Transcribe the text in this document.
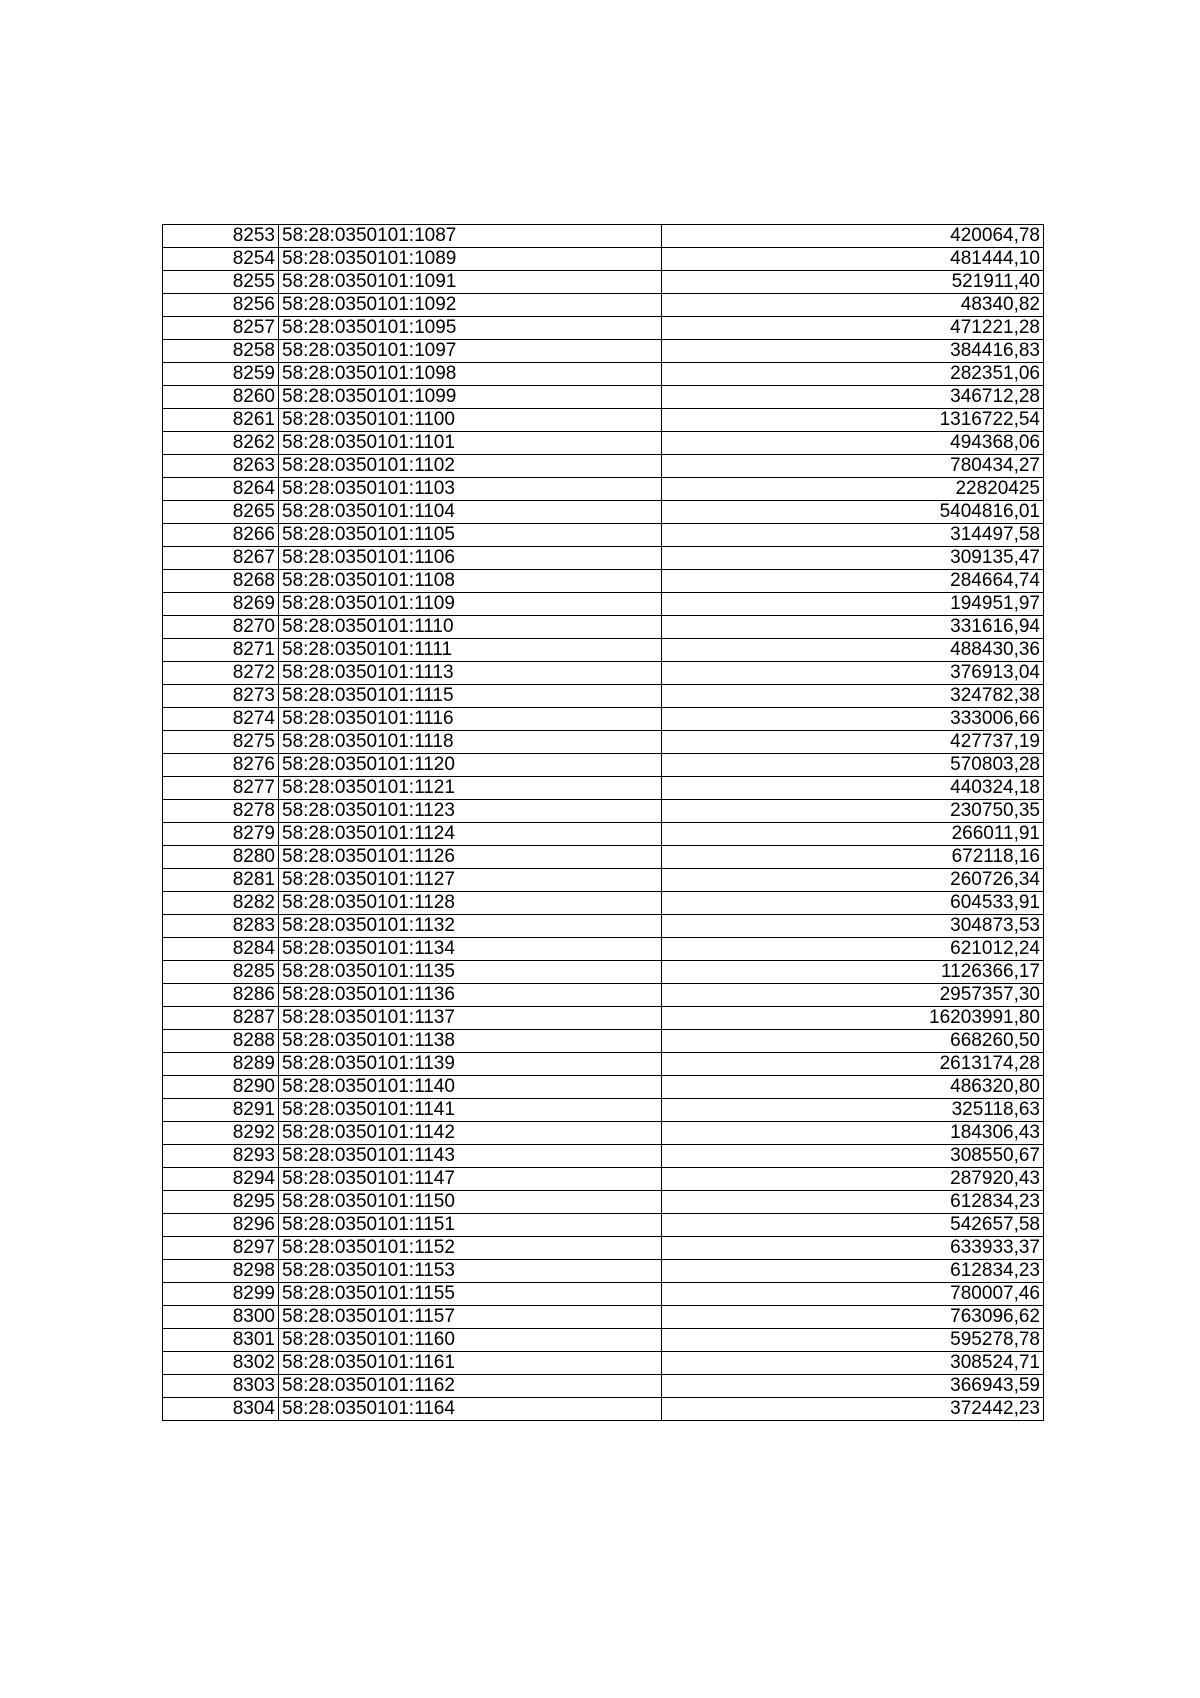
8253	58:28:0350101:1087	420064,78
8254	58:28:0350101:1089	481444,10
8255	58:28:0350101:1091	521911,40
8256	58:28:0350101:1092	48340,82
8257	58:28:0350101:1095	471221,28
8258	58:28:0350101:1097	384416,83
8259	58:28:0350101:1098	282351,06
8260	58:28:0350101:1099	346712,28
8261	58:28:0350101:1100	1316722,54
8262	58:28:0350101:1101	494368,06
8263	58:28:0350101:1102	780434,27
8264	58:28:0350101:1103	22820425
8265	58:28:0350101:1104	5404816,01
8266	58:28:0350101:1105	314497,58
8267	58:28:0350101:1106	309135,47
8268	58:28:0350101:1108	284664,74
8269	58:28:0350101:1109	194951,97
8270	58:28:0350101:1110	331616,94
8271	58:28:0350101:1111	488430,36
8272	58:28:0350101:1113	376913,04
8273	58:28:0350101:1115	324782,38
8274	58:28:0350101:1116	333006,66
8275	58:28:0350101:1118	427737,19
8276	58:28:0350101:1120	570803,28
8277	58:28:0350101:1121	440324,18
8278	58:28:0350101:1123	230750,35
8279	58:28:0350101:1124	266011,91
8280	58:28:0350101:1126	672118,16
8281	58:28:0350101:1127	260726,34
8282	58:28:0350101:1128	604533,91
8283	58:28:0350101:1132	304873,53
8284	58:28:0350101:1134	621012,24
8285	58:28:0350101:1135	1126366,17
8286	58:28:0350101:1136	2957357,30
8287	58:28:0350101:1137	16203991,80
8288	58:28:0350101:1138	668260,50
8289	58:28:0350101:1139	2613174,28
8290	58:28:0350101:1140	486320,80
8291	58:28:0350101:1141	325118,63
8292	58:28:0350101:1142	184306,43
8293	58:28:0350101:1143	308550,67
8294	58:28:0350101:1147	287920,43
8295	58:28:0350101:1150	612834,23
8296	58:28:0350101:1151	542657,58
8297	58:28:0350101:1152	633933,37
8298	58:28:0350101:1153	612834,23
8299	58:28:0350101:1155	780007,46
8300	58:28:0350101:1157	763096,62
8301	58:28:0350101:1160	595278,78
8302	58:28:0350101:1161	308524,71
8303	58:28:0350101:1162	366943,59
8304	58:28:0350101:1164	372442,23
